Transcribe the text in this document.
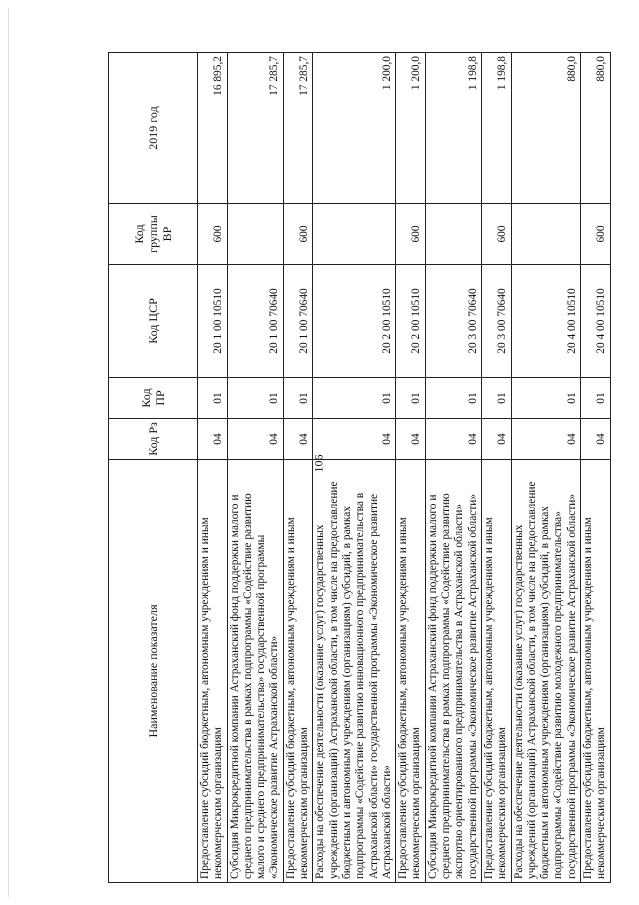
106
Наименование показателя	Код Рз	Код ПР	Код ЦСР	Код группы ВР	2019 год
Предоставление субсидий бюджетным, автономным учреждениям и иным некоммерческим организациям	04	01	20 1 00 10510	600	16 895,2
Субсидия Микрокредитной компании Астраханский фонд поддержки малого и среднего предпринимательства в рамках подпрограммы «Содействие развитию малого и среднего предпринимательства» государственной программы «Экономическое развитие Астраханской области»	04	01	20 1 00 70640		17 285,7
Предоставление субсидий бюджетным, автономным учреждениям и иным некоммерческим организациям	04	01	20 1 00 70640	600	17 285,7
Расходы на обеспечение деятельности (оказание услуг) государственных учреждений (организаций) Астраханской области, в том числе на предоставление бюджетным и автономным учреждениям (организациям) субсидий, в рамках подпрограммы «Содействие развитию инновационного предпринимательства в Астраханской области» государственной программы «Экономическое развитие Астраханской области»	04	01	20 2 00 10510		1 200,0
Предоставление субсидий бюджетным, автономным учреждениям и иным некоммерческим организациям	04	01	20 2 00 10510	600	1 200,0
Субсидия Микрокредитной компании Астраханский фонд поддержки малого и среднего предпринимательства в рамках подпрограммы «Содействие развитию экспортно ориентированного предпринимательства в Астраханской области» государственной программы «Экономическое развитие Астраханской области»	04	01	20 3 00 70640		1 198,8
Предоставление субсидий бюджетным, автономным учреждениям и иным некоммерческим организациям	04	01	20 3 00 70640	600	1 198,8
Расходы на обеспечение деятельности (оказание услуг) государственных учреждений (организаций) Астраханской области, в том числе на предоставление бюджетным и автономным учреждениям (организациям) субсидий, в рамках подпрограммы «Содействие развитию молодежного предпринимательства» государственной программы «Экономическое развитие Астраханской области»	04	01	20 4 00 10510		880,0
Предоставление субсидий бюджетным, автономным учреждениям и иным некоммерческим организациям	04	01	20 4 00 10510	600	880,0
